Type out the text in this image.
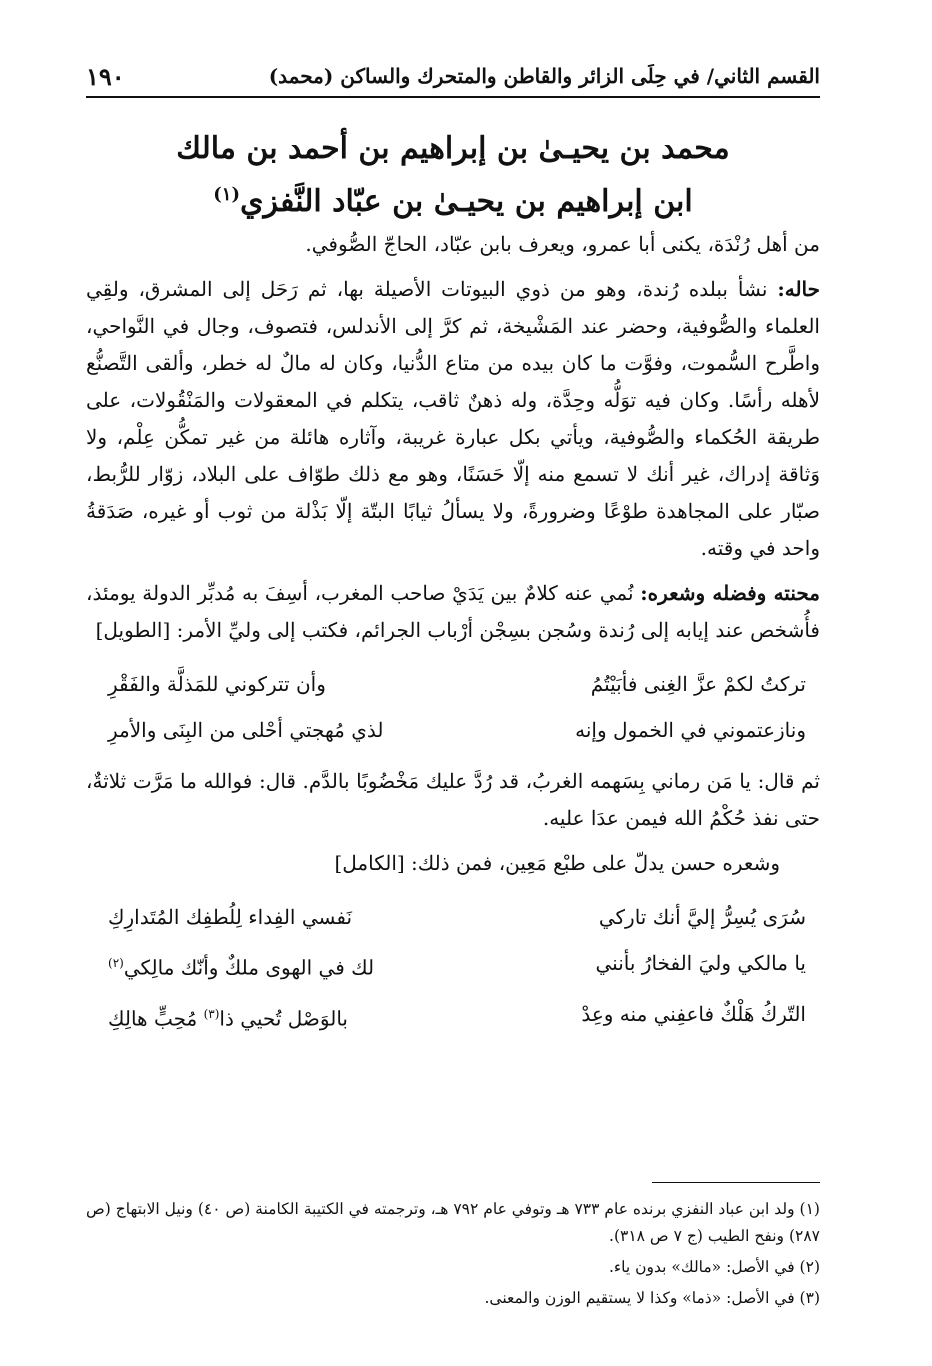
١٩٠	القسم الثاني/ في حِلَى الزائر والقاطن والمتحرك والساكن (محمد)
محمد بن يحيـىٰ بن إبراهيم بن أحمد بن مالك
ابن إبراهيم بن يحيـىٰ بن عبّاد النَّفزي$^{(١)}$

من أهل رُنْدَة، يكنى أبا عمرو، ويعرف بابن عبّاد، الحاجّ الصُّوفي.

حاله: نشأ ببلده رُندة، وهو من ذوي البيوتات الأصيلة بها، ثم رَحَل إلى المشرق، ولقِي العلماء والصُّوفية، وحضر عند المَشْيخة، ثم كرَّ إلى الأندلس، فتصوف، وجال في النَّواحي، واطَّرح السُّموت، وفوَّت ما كان بيده من متاع الدُّنيا، وكان له مالٌ له خطر، وألقى التَّصنُّع لأهله رأسًا. وكان فيه توَلُّه وحِدَّة، وله ذهنٌ ثاقب، يتكلم في المعقولات والمَنْقُولات، على طريقة الحُكماء والصُّوفية، ويأتي بكل عبارة غريبة، وآثاره هائلة من غير تمكُّن عِلْم، ولا وَثاقة إدراك، غير أنك لا تسمع منه إلّا حَسَنًا، وهو مع ذلك طوّاف على البلاد، زوّار للرُّبط، صبّار على المجاهدة طوْعًا وضرورةً، ولا يسألُ ثيابًا البتّة إلّا بَذْلة من ثوب أو غيره، صَدَقةُ واحد في وقته.

محنته وفضله وشعره: نُمي عنه كلامٌ بين يَدَيْ صاحب المغرب، أسِفَ به مُدبِّر الدولة يومئذ، فأُشخص عند إيابه إلى رُندة وسُجن بسِجْن أرْباب الجرائم، فكتب إلى وليِّ الأمر: [الطويل]

تركتُ لكمْ عزَّ الغِنى فأبَيْتُمُ
وأن تتركوني للمَذلَّة والفَقْرِ
ونازعتموني في الخمول وإنه
لذي مُهجتي أحْلى من البِنَى والأمرِ

ثم قال: يا مَن رماني بِسَهمه الغربُ، قد رُدَّ عليك مَخْضُوبًا بالدَّم. قال: فوالله ما مَرَّت ثلاثةٌ، حتى نفذ حُكْمُ الله فيمن عدَا عليه.

وشعره حسن يدلّ على طبْع مَعِين، فمن ذلك: [الكامل]

سُرَى يُسِرُّ إليَّ أنك تاركي
نَفسي الفِداء لِلُطفِك المُتَدارِكِ
يا مالكي وليَ الفخارُ بأنني
لك في الهوى ملكٌ وأنّك مالِكي$^{(٢)}$
التّركُ هَلْكٌ فاعفِني منه وعِدْ
بالوَصْل تُحيي ذا$^{(٣)}$ مُحِبٍّ هالِكِ

(١) ولد ابن عباد النفزي برنده عام ٧٣٣ هـ وتوفي عام ٧٩٢ هـ، وترجمته في الكتيبة الكامنة (ص ٤٠) ونيل الابتهاج (ص ٢٨٧) ونفح الطيب (ج ٧ ص ٣١٨).

(٢) في الأصل: «مالك» بدون ياء.

(٣) في الأصل: «ذما» وكذا لا يستقيم الوزن والمعنى.
